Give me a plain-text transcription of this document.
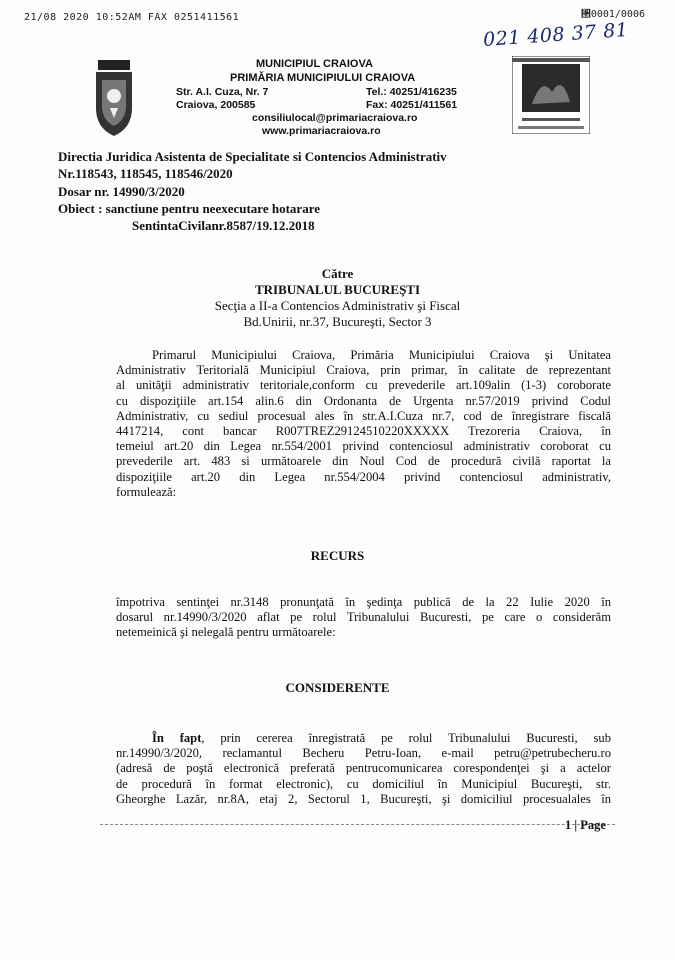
21/08 2020 10:52AM FAX 0251411561	⑒0001/0006
021 408 37 81
MUNICIPIUL CRAIOVA
PRIMĂRIA MUNICIPIULUI CRAIOVA
Str. A.I. Cuza, Nr. 7	Tel.: 40251/416235
Craiova, 200585	Fax: 40251/411561
consiliulocal@primariacraiova.ro
www.primariacraiova.ro
Directia Juridica Asistenta de Specialitate si Contencios Administrativ
Nr.118543, 118545, 118546/2020
Dosar nr. 14990/3/2020
Obiect : sanctiune pentru neexecutare hotarare
SentintaCivilanr.8587/19.12.2018
Către
TRIBUNALUL BUCUREŞTI
Secţia a II-a Contencios Administrativ şi Fiscal
Bd.Unirii, nr.37, Bucureşti, Sector 3
Primarul Municipiului Craiova, Primăria Municipiului Craiova şi Unitatea
Administrativ Teritorială Municipiul Craiova, prin primar, în calitate de reprezentant
al unităţii administrativ teritoriale,conform cu prevederile art.109alin (1-3) coroborate
cu dispoziţiile art.154 alin.6 din Ordonanta de Urgenta nr.57/2019 privind Codul
Administrativ, cu sediul procesual ales în str.A.I.Cuza nr.7, cod de înregistrare fiscală
4417214, cont bancar R007TREZ29124510220XXXXX Trezoreria Craiova, în
temeiul art.20 din Legea nr.554/2001 privind contenciosul administrativ coroborat cu
prevederile art. 483 si următoarele din Noul Cod de procedură civilă raportat la
dispoziţiile art.20 din Legea nr.554/2004 privind contenciosul administrativ,
formulează:
RECURS
împotriva sentinţei nr.3148 pronunţată în şedinţa publică de la 22 Iulie 2020 în
dosarul nr.14990/3/2020 aflat pe rolul Tribunalului Bucuresti, pe care o considerăm
netemeinică şi nelegală pentru următoarele:
CONSIDERENTE
În fapt, prin cererea înregistrată pe rolul Tribunalului Bucuresti, sub
nr.14990/3/2020, reclamantul Becheru Petru-Ioan, e-mail petru@petrubecheru.ro
(adresă de poştă electronică preferată pentrucomunicarea corespondenţei şi a actelor
de procedură în format electronic), cu domiciliul în Municipiul Bucureşti, str.
Gheorghe Lazăr, nr.8A, etaj 2, Sectorul 1, Bucureşti, şi domiciliul procesualales în
1 | Page
